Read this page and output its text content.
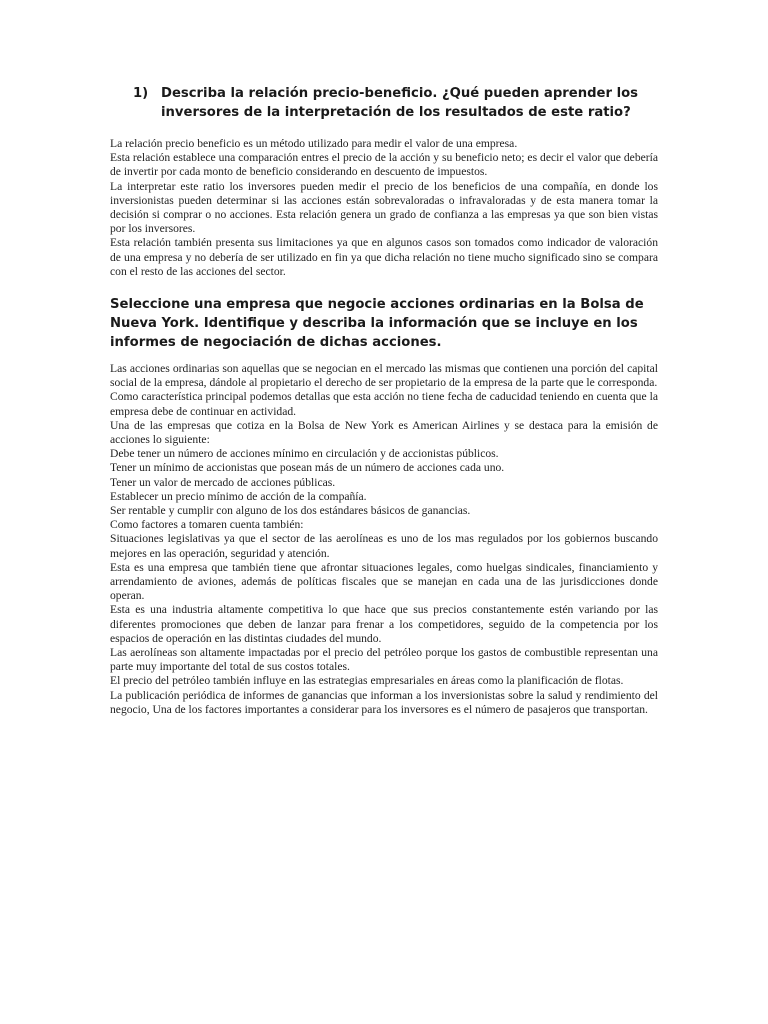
1) Describa la relación precio-beneficio. ¿Qué pueden aprender los inversores de la interpretación de los resultados de este ratio?

La relación precio beneficio es un método utilizado para medir el valor de una empresa.

Esta relación establece una comparación entres el precio de la acción y su beneficio neto; es decir el valor que debería de invertir por cada monto de beneficio considerando en descuento de impuestos.

La interpretar este ratio los inversores pueden medir el precio de los beneficios de una compañía, en donde los inversionistas pueden determinar si las acciones están sobrevaloradas o infravaloradas y de esta manera tomar la decisión si comprar o no acciones. Esta relación genera un grado de confianza a las empresas ya que son bien vistas por los inversores.

Esta relación también presenta sus limitaciones ya que en algunos casos son tomados como indicador de valoración de una empresa y no debería de ser utilizado en fin ya que dicha relación no tiene mucho significado sino se compara con el resto de las acciones del sector.

Seleccione una empresa que negocie acciones ordinarias en la Bolsa de Nueva York. Identifique y describa la información que se incluye en los informes de negociación de dichas acciones.

Las acciones ordinarias son aquellas que se negocian en el mercado las mismas que contienen una porción del capital social de la empresa, dándole al propietario el derecho de ser propietario de la empresa de la parte que le corresponda.

Como característica principal podemos detallas que esta acción no tiene fecha de caducidad teniendo en cuenta que la empresa debe de continuar en actividad.

Una de las empresas que cotiza en la Bolsa de New York es American Airlines y se destaca para la emisión de acciones lo siguiente:

Debe tener un número de acciones mínimo en circulación y de accionistas públicos.

Tener un mínimo de accionistas que posean más de un número de acciones cada uno.

Tener un valor de mercado de acciones públicas.

Establecer un precio mínimo de acción de la compañía.

Ser rentable y cumplir con alguno de los dos estándares básicos de ganancias.

Como factores a tomaren cuenta también:

Situaciones legislativas ya que el sector de las aerolíneas es uno de los mas regulados por los gobiernos buscando mejores en las operación, seguridad y atención.

Esta es una empresa que también tiene que afrontar situaciones legales, como huelgas sindicales, financiamiento y arrendamiento de aviones, además de políticas fiscales que se manejan en cada una de las jurisdicciones donde operan.

Esta es una industria altamente competitiva lo que hace que sus precios constantemente estén variando por las diferentes promociones que deben de lanzar para frenar a los competidores, seguido de la competencia por los espacios de operación en las distintas ciudades del mundo.

Las aerolíneas son altamente impactadas por el precio del petróleo porque los gastos de combustible representan una parte muy importante del total de sus costos totales.

El precio del petróleo también influye en las estrategias empresariales en áreas como la planificación de flotas.

La publicación periódica de informes de ganancias que informan a los inversionistas sobre la salud y rendimiento del negocio, Una de los factores importantes a considerar para los inversores es el número de pasajeros que transportan.
